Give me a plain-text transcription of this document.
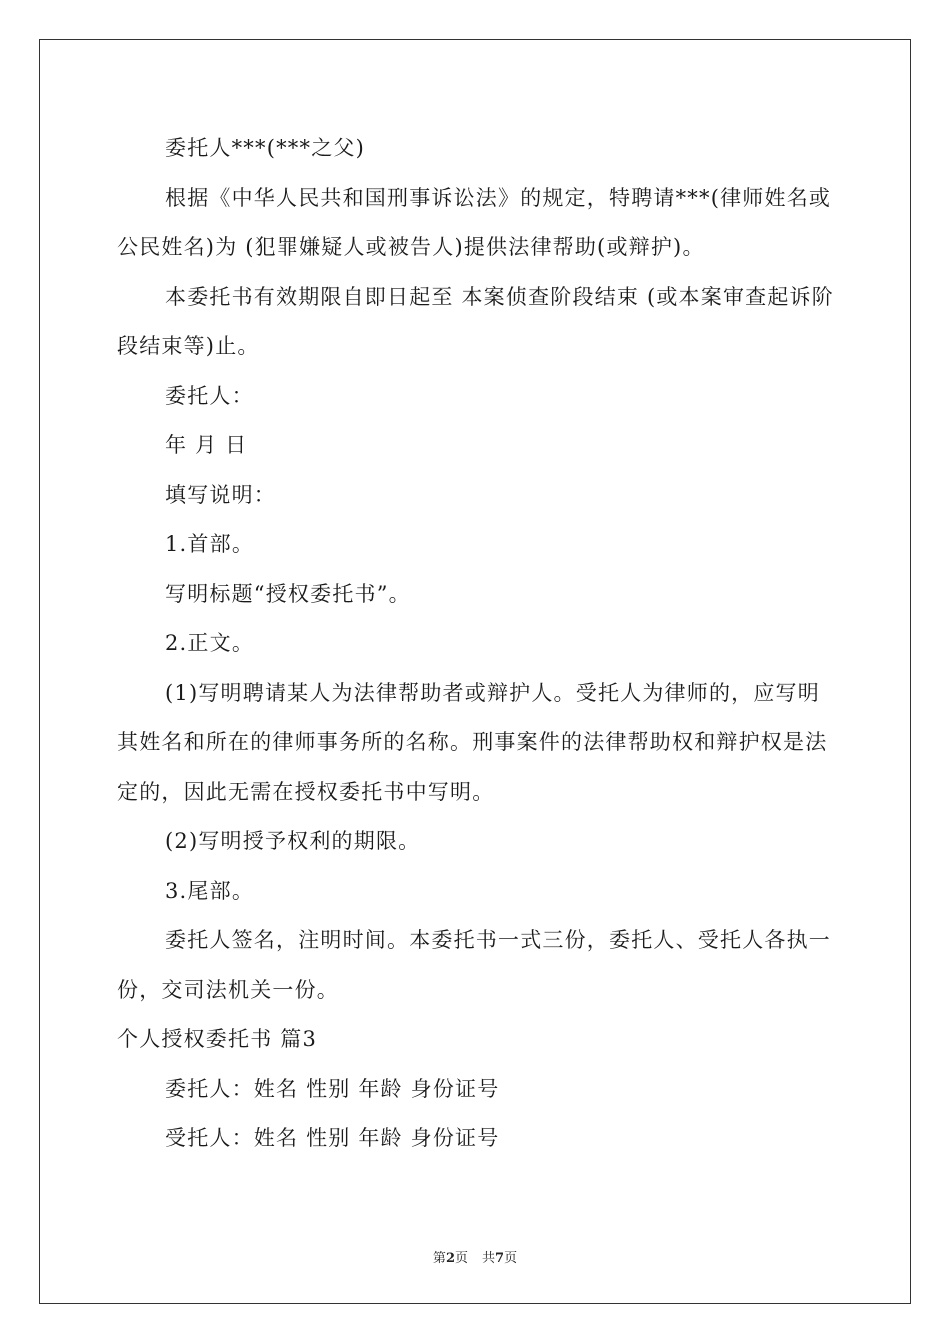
委托人***(***之父)

根据《中华人民共和国刑事诉讼法》的规定，特聘请***(律师姓名或公民姓名)为 (犯罪嫌疑人或被告人)提供法律帮助(或辩护)。

本委托书有效期限自即日起至 本案侦查阶段结束 (或本案审查起诉阶段结束等)止。

委托人：

年 月 日

填写说明：

1.首部。

写明标题“授权委托书”。

2.正文。

(1)写明聘请某人为法律帮助者或辩护人。受托人为律师的，应写明其姓名和所在的律师事务所的名称。刑事案件的法律帮助权和辩护权是法定的，因此无需在授权委托书中写明。

(2)写明授予权利的期限。

3.尾部。

委托人签名，注明时间。本委托书一式三份，委托人、受托人各执一份，交司法机关一份。

个人授权委托书 篇3

委托人：姓名 性别 年龄 身份证号

受托人：姓名 性别 年龄 身份证号

第2页 共7页
